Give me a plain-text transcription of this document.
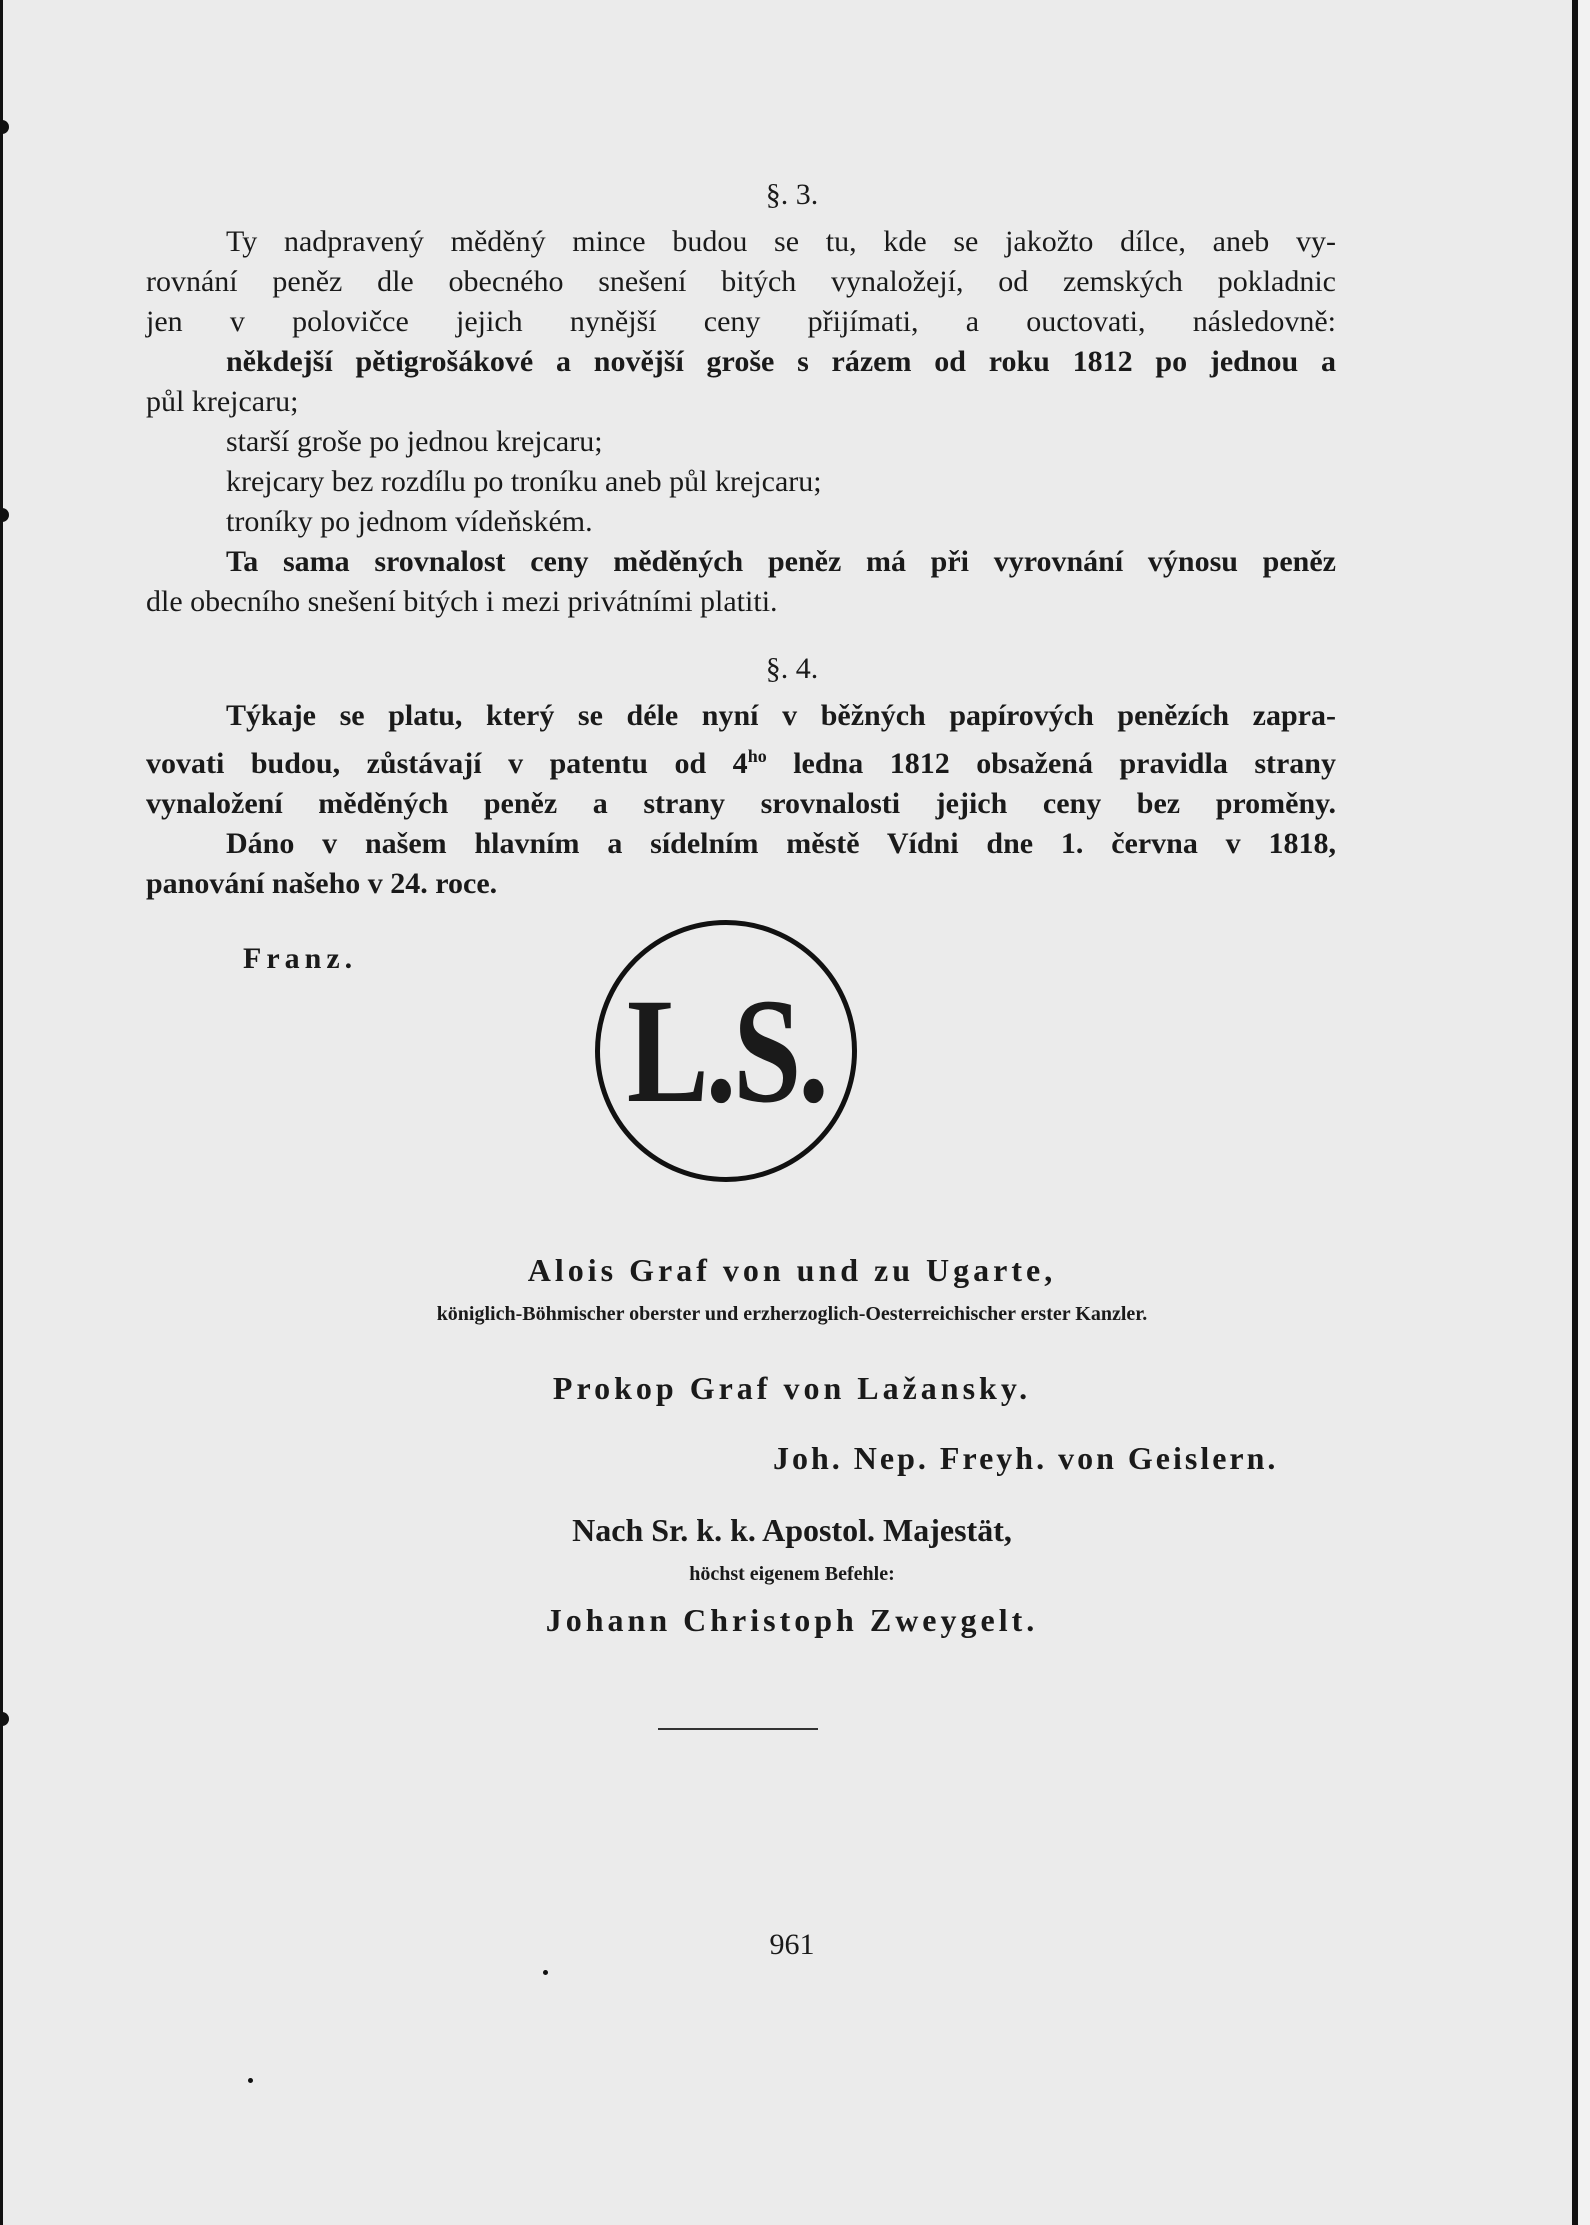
§. 3.
Ty nadpravený měděný mince budou se tu, kde se jakožto dílce, aneb vy-
rovnání peněz dle obecného snešení bitých vynaložejí, od zemských pokladnic
jen v polovičce jejich nynější ceny přijímati, a ouctovati, následovně:
někdejší pětigrošákové a novější groše s rázem od roku 1812 po jednou a
půl krejcaru;
starší groše po jednou krejcaru;
krejcary bez rozdílu po troníku aneb půl krejcaru;
troníky po jednom vídeňském.
Ta sama srovnalost ceny měděných peněz má při vyrovnání výnosu peněz
dle obecního snešení bitých i mezi privátními platiti.
§. 4.
Týkaje se platu, který se déle nyní v běžných papírových penězích zapra-
vovati budou, zůstávají v patentu od $4^{ho}$ ledna 1812 obsažená pravidla strany
vynaložení měděných peněz a strany srovnalosti jejich ceny bez proměny.
Dáno v našem hlavním a sídelním městě Vídni dne 1. června v 1818,
panování našeho v 24. roce.
Franz.
L.S.
Alois Graf von und zu Ugarte,
königlich-Böhmischer oberster und erzherzoglich-Oesterreichischer erster Kanzler.
Prokop Graf von Lažansky.
Joh. Nep. Freyh. von Geislern.
Nach Sr. k. k. Apostol. Majestät,
höchst eigenem Befehle:
Johann Christoph Zweygelt.
961
